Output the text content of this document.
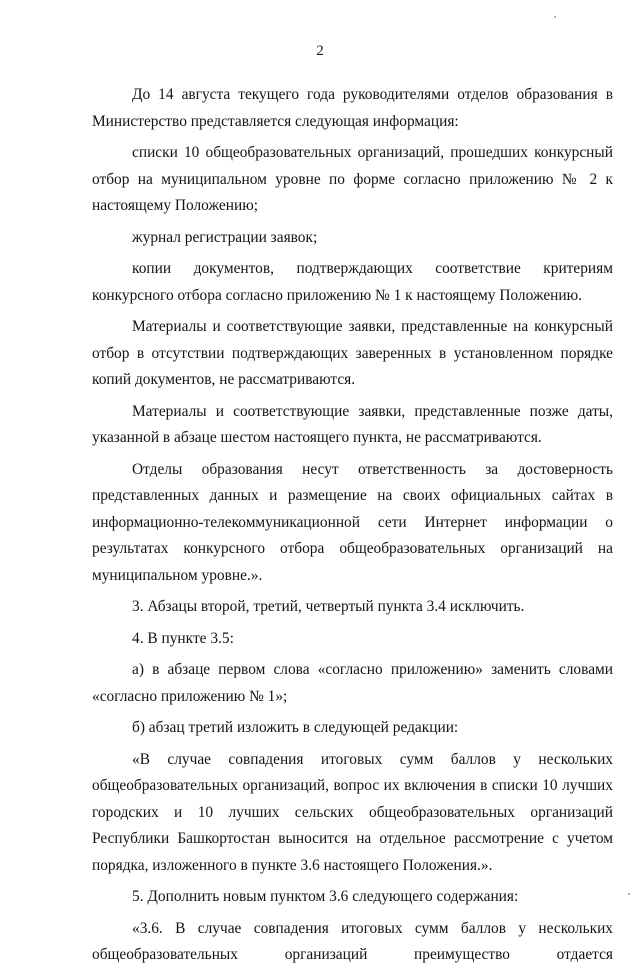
2

До 14 августа текущего года руководителями отделов образования в Министерство представляется следующая информация:

списки 10 общеобразовательных организаций, прошедших конкурсный отбор на муниципальном уровне по форме согласно приложению № 2 к настоящему Положению;

журнал регистрации заявок;

копии документов, подтверждающих соответствие критериям конкурсного отбора согласно приложению № 1 к настоящему Положению.

Материалы и соответствующие заявки, представленные на конкурсный отбор в отсутствии подтверждающих заверенных в установленном порядке копий документов, не рассматриваются.

Материалы и соответствующие заявки, представленные позже даты, указанной в абзаце шестом настоящего пункта, не рассматриваются.

Отделы образования несут ответственность за достоверность представленных данных и размещение на своих официальных сайтах в информационно-телекоммуникационной сети Интернет информации о результатах конкурсного отбора общеобразовательных организаций на муниципальном уровне.».

3. Абзацы второй, третий, четвертый пункта 3.4 исключить.

4. В пункте 3.5:

а) в абзаце первом слова «согласно приложению» заменить словами «согласно приложению № 1»;

б) абзац третий изложить в следующей редакции:

«В случае совпадения итоговых сумм баллов у нескольких общеобразовательных организаций, вопрос их включения в списки 10 лучших городских и 10 лучших сельских общеобразовательных организаций Республики Башкортостан выносится на отдельное рассмотрение с учетом порядка, изложенного в пункте 3.6 настоящего Положения.».

5. Дополнить новым пунктом 3.6 следующего содержания:

«3.6. В случае совпадения итоговых сумм баллов у нескольких общеобразовательных организаций преимущество отдается
